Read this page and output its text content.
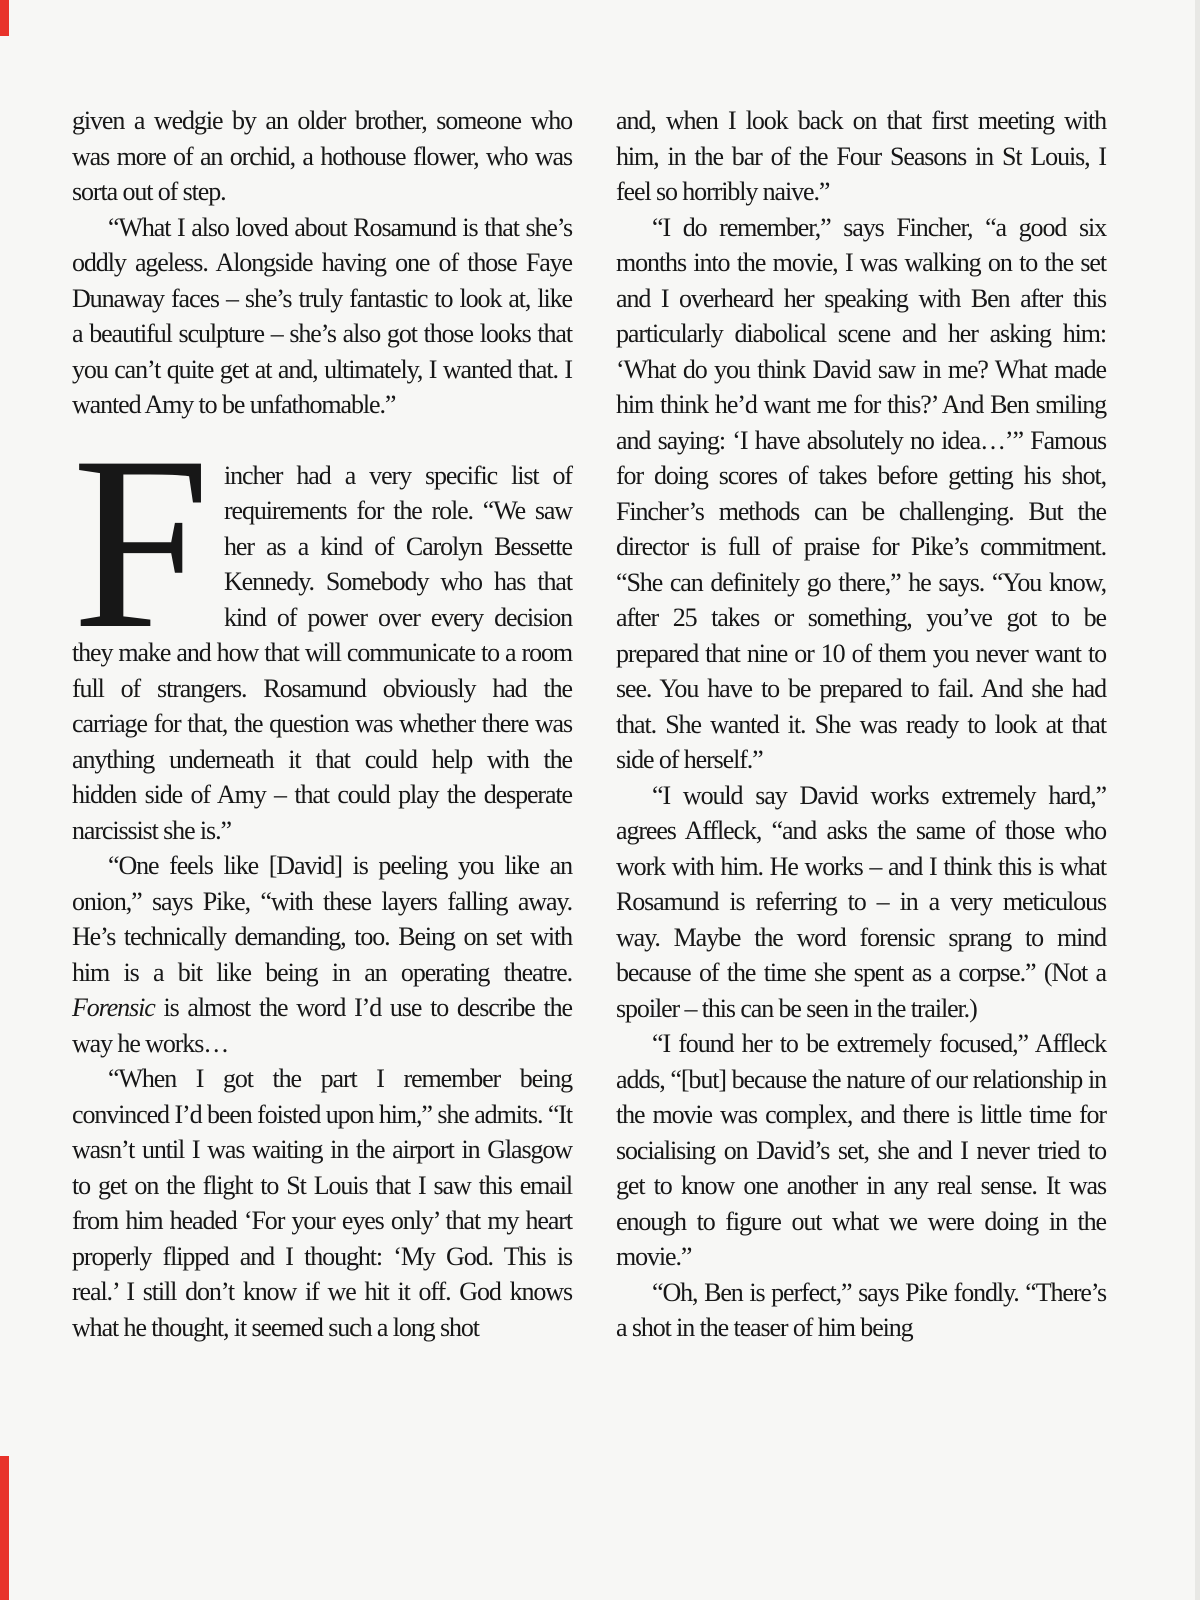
given a wedgie by an older brother, someone who was more of an orchid, a hothouse flower, who was sorta out of step.

“What I also loved about Rosamund is that she’s oddly ageless. Alongside having one of those Faye Dunaway faces – she’s truly fantastic to look at, like a beautiful sculpture – she’s also got those looks that you can’t quite get at and, ultimately, I wanted that. I wanted Amy to be unfathomable.”

Fincher had a very specific list of requirements for the role. “We saw her as a kind of Carolyn Bessette Kennedy. Somebody who has that kind of power over every decision they make and how that will communicate to a room full of strangers. Rosamund obviously had the carriage for that, the question was whether there was anything underneath it that could help with the hidden side of Amy – that could play the desperate narcissist she is.”

“One feels like [David] is peeling you like an onion,” says Pike, “with these layers falling away. He’s technically demanding, too. Being on set with him is a bit like being in an operating theatre. Forensic is almost the word I’d use to describe the way he works…

“When I got the part I remember being convinced I’d been foisted upon him,” she admits. “It wasn’t until I was waiting in the airport in Glasgow to get on the flight to St Louis that I saw this email from him headed ‘For your eyes only’ that my heart properly flipped and I thought: ‘My God. This is real.’ I still don’t know if we hit it off. God knows what he thought, it seemed such a long shot

and, when I look back on that first meeting with him, in the bar of the Four Seasons in St Louis, I feel so horribly naive.”

“I do remember,” says Fincher, “a good six months into the movie, I was walking on to the set and I overheard her speaking with Ben after this particularly diabolical scene and her asking him: ‘What do you think David saw in me? What made him think he’d want me for this?’ And Ben smiling and saying: ‘I have absolutely no idea…’” Famous for doing scores of takes before getting his shot, Fincher’s methods can be challenging. But the director is full of praise for Pike’s commitment. “She can definitely go there,” he says. “You know, after 25 takes or something, you’ve got to be prepared that nine or 10 of them you never want to see. You have to be prepared to fail. And she had that. She wanted it. She was ready to look at that side of herself.”

“I would say David works extremely hard,” agrees Affleck, “and asks the same of those who work with him. He works – and I think this is what Rosamund is referring to – in a very meticulous way. Maybe the word forensic sprang to mind because of the time she spent as a corpse.” (Not a spoiler – this can be seen in the trailer.)

“I found her to be extremely focused,” Affleck adds, “[but] because the nature of our relationship in the movie was complex, and there is little time for socialising on David’s set, she and I never tried to get to know one another in any real sense. It was enough to figure out what we were doing in the movie.”

“Oh, Ben is perfect,” says Pike fondly. “There’s a shot in the teaser of him being
